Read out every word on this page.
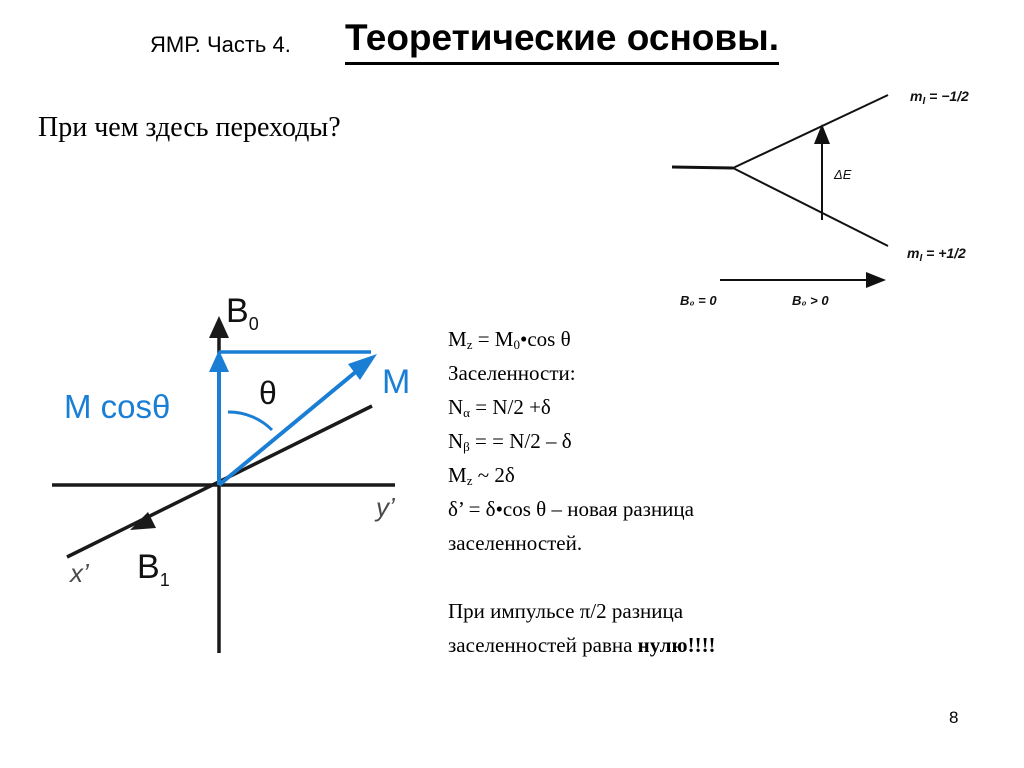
ЯМР. Часть 4. Теоретические основы.
При чем здесь переходы?
ΔE
$m_I = -1/2$
$m_I = +1/2$
B₀ = 0	B₀ > 0
$B_0$
M
M cosθ	θ
y’
x’ $B_1$
$M_z$ = $M_0•\cos$ θ
Заселенности:
$N_\alpha = N/2 +\delta$
$N_\beta$ = = N/2 – δ
$M_z$ ~ 2δ
δ’ = δ•cos θ – новая разница
заселенностей.

При импульсе π/2 разница
заселенностей равна нулю!!!!
8
